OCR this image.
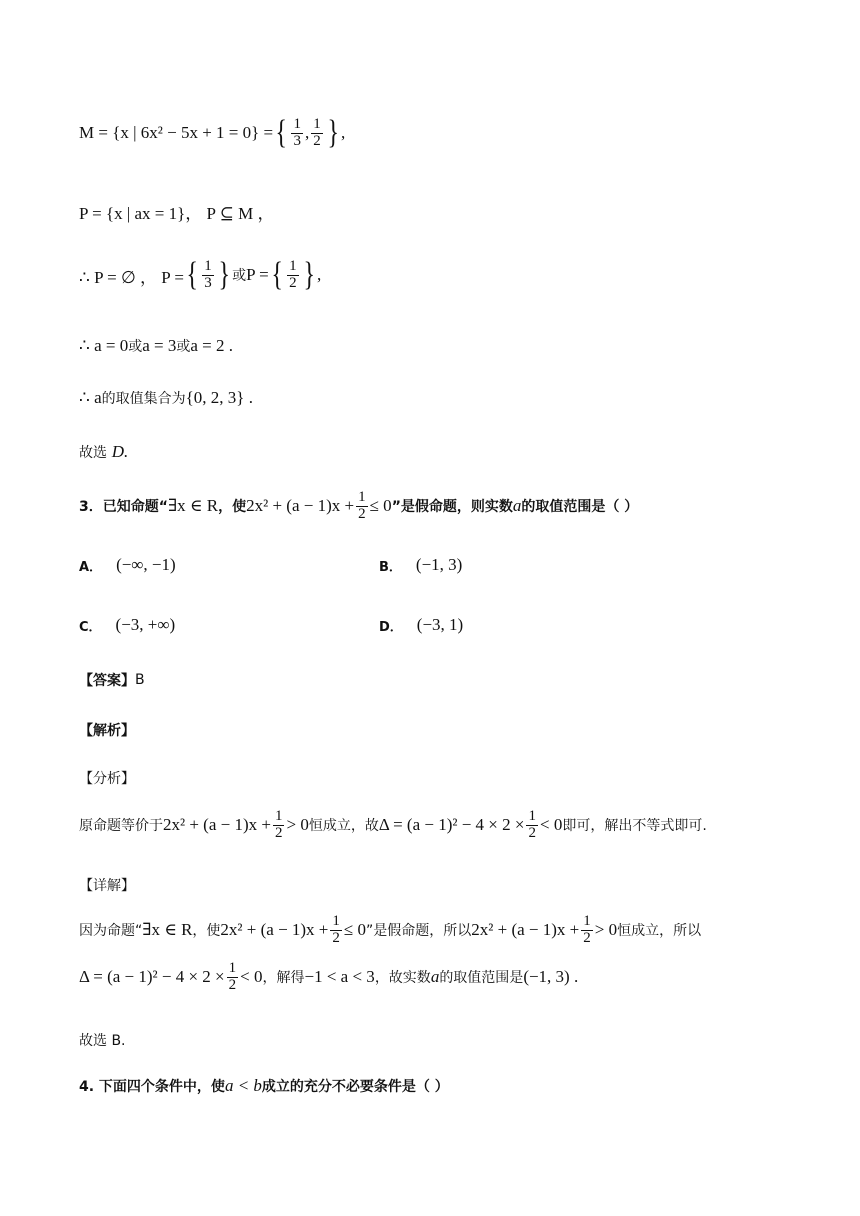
M = {x | 6x² − 5x + 1 = 0} = { $\frac{1}{3}$ , $\frac{1}{2}$ } ,
P = {x | ax = 1}， P ⊆ M ，
∴ P = ∅ ， P = { $\frac{1}{3}$ } 或 P = { $\frac{1}{2}$ } ,
∴ a = 0 或 a = 3 或 a = 2 .
∴ a 的取值集合为 {0, 2, 3} .
故选
D.
3．已知命题“ ∃x ∈ R ，使 $2x^2 + (a - 1)x + \frac{1}{2} \le 0$ ”是假命题，则实数 a 的取值范围是（ ）
A． (−∞, −1)	B． (−1, 3)
C． (−3, +∞)	D． (−3, 1)
【答案】 B
【解析】
【分析】
原命题等价于 $2x^2 + (a - 1)x + \frac{1}{2} > 0$ 恒成立，故 $\Delta = (a - 1)^2 - 4 \times 2 \times \frac{1}{2} < 0$ 即可，解出不等式即可.
【详解】
因为命题“ ∃x ∈ R ，使 $2x^2 + (a - 1)x + \frac{1}{2} \le 0$ ”是假命题，所以 $2x^2 + (a - 1)x + \frac{1}{2} > 0$ 恒成立，所以
$\Delta = (a - 1)^2 - 4 \times 2 \times \frac{1}{2} < 0$ ，解得 −1 < a < 3 ，故实数 a 的取值范围是 (−1, 3) .
故选 B.
4. 下面四个条件中，使 a < b 成立的充分不必要条件是（ ）
